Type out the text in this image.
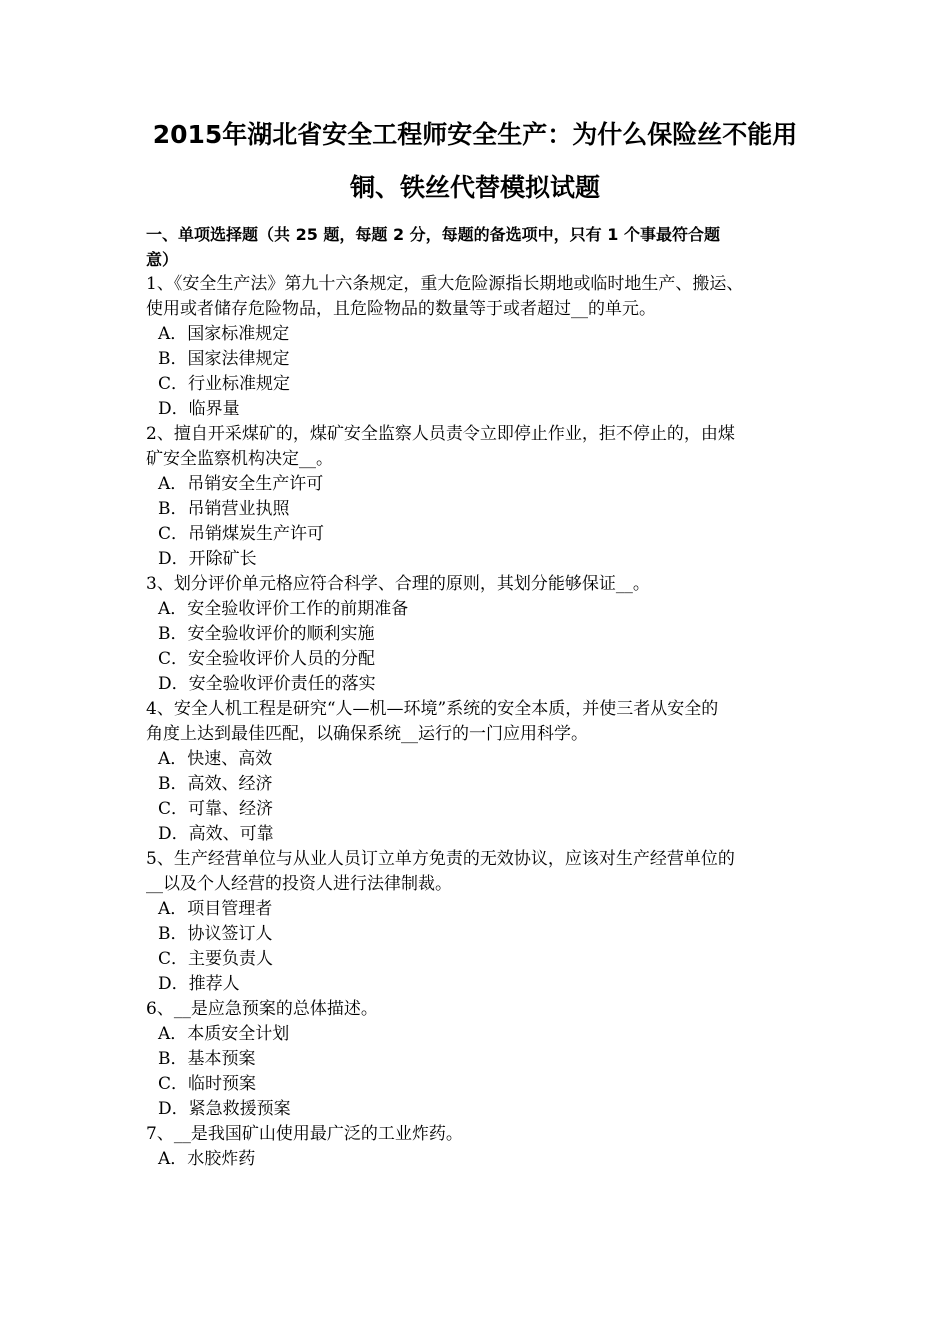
2015年湖北省安全工程师安全生产：为什么保险丝不能用
铜、铁丝代替模拟试题
一、单项选择题（共 25 题，每题 2 分，每题的备选项中，只有 1 个事最符合题
意）
1、《安全生产法》第九十六条规定，重大危险源指长期地或临时地生产、搬运、
使用或者储存危险物品，且危险物品的数量等于或者超过__的单元。
A．国家标准规定
B．国家法律规定
C．行业标准规定
D．临界量
2、擅自开采煤矿的，煤矿安全监察人员责令立即停止作业，拒不停止的，由煤
矿安全监察机构决定__。
A．吊销安全生产许可
B．吊销营业执照
C．吊销煤炭生产许可
D．开除矿长
3、划分评价单元格应符合科学、合理的原则，其划分能够保证__。
A．安全验收评价工作的前期准备
B．安全验收评价的顺利实施
C．安全验收评价人员的分配
D．安全验收评价责任的落实
4、安全人机工程是研究“人—机—环境”系统的安全本质，并使三者从安全的
角度上达到最佳匹配，以确保系统__运行的一门应用科学。
A．快速、高效
B．高效、经济
C．可靠、经济
D．高效、可靠
5、生产经营单位与从业人员订立单方免责的无效协议，应该对生产经营单位的
__以及个人经营的投资人进行法律制裁。
A．项目管理者
B．协议签订人
C．主要负责人
D．推荐人
6、__是应急预案的总体描述。
A．本质安全计划
B．基本预案
C．临时预案
D．紧急救援预案
7、__是我国矿山使用最广泛的工业炸药。
A．水胶炸药
